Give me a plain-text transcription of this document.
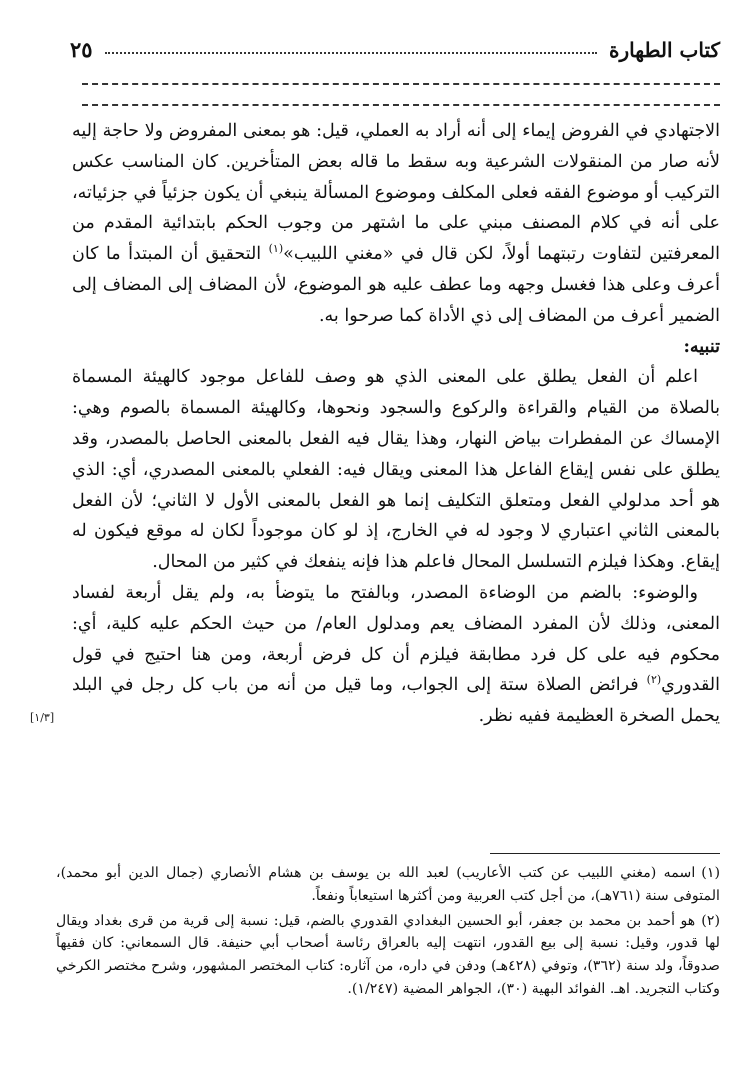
كتاب الطهارة
٢٥

الاجتهادي في الفروض إيماء إلى أنه أراد به العملي، قيل: هو بمعنى المفروض ولا حاجة إليه لأنه صار من المنقولات الشرعية وبه سقط ما قاله بعض المتأخرين. كان المناسب عكس التركيب أو موضوع الفقه فعلى المكلف وموضوع المسألة ينبغي أن يكون جزئياً في جزئياته، على أنه في كلام المصنف مبني على ما اشتهر من وجوب الحكم بابتدائية المقدم من المعرفتين لتفاوت رتبتهما أولاً، لكن قال في «مغني اللبيب»$^{(١)}$ التحقيق أن المبتدأ ما كان أعرف وعلى هذا فغسل وجهه وما عطف عليه هو الموضوع، لأن المضاف إلى المضاف إلى الضمير أعرف من المضاف إلى ذي الأداة كما صرحوا به.

تنبيه:

اعلم أن الفعل يطلق على المعنى الذي هو وصف للفاعل موجود كالهيئة المسماة بالصلاة من القيام والقراءة والركوع والسجود ونحوها، وكالهيئة المسماة بالصوم وهي: الإمساك عن المفطرات بياض النهار، وهذا يقال فيه الفعل بالمعنى الحاصل بالمصدر، وقد يطلق على نفس إيقاع الفاعل هذا المعنى ويقال فيه: الفعلي بالمعنى المصدري، أي: الذي هو أحد مدلولي الفعل ومتعلق التكليف إنما هو الفعل بالمعنى الأول لا الثاني؛ لأن الفعل بالمعنى الثاني اعتباري لا وجود له في الخارج، إذ لو كان موجوداً لكان له موقع فيكون له إيقاع. وهكذا فيلزم التسلسل المحال فاعلم هذا فإنه ينفعك في كثير من المحال.

والوضوء: بالضم من الوضاءة المصدر، وبالفتح ما يتوضأ به، ولم يقل أربعة لفساد المعنى، وذلك لأن المفرد المضاف يعم ومدلول العام/ من حيث الحكم عليه كلية، أي: محكوم فيه على كل فرد مطابقة فيلزم أن كل فرض أربعة، ومن هنا احتيج في قول القدوري$^{(٢)}$ فرائض الصلاة ستة إلى الجواب، وما قيل من أنه من باب كل رجل في البلد يحمل الصخرة العظيمة ففيه نظر.

[١/٣]

(١)اسمه (مغني اللبيب عن كتب الأعاريب) لعبد الله بن يوسف بن هشام الأنصاري (جمال الدين أبو محمد)، المتوفى سنة (٧٦١هـ)، من أجل كتب العربية ومن أكثرها استيعاباً ونفعاً.

(٢)هو أحمد بن محمد بن جعفر، أبو الحسين البغدادي القدوري بالضم، قيل: نسبة إلى قرية من قرى بغداد ويقال لها قدور، وقيل: نسبة إلى بيع القدور، انتهت إليه بالعراق رئاسة أصحاب أبي حنيفة. قال السمعاني: كان فقيهاً صدوقاً، ولد سنة (٣٦٢)، وتوفي (٤٢٨هـ) ودفن في داره، من آثاره: كتاب المختصر المشهور، وشرح مختصر الكرخي وكتاب التجريد. اهـ. الفوائد البهية (٣٠)، الجواهر المضية (١/٢٤٧).
